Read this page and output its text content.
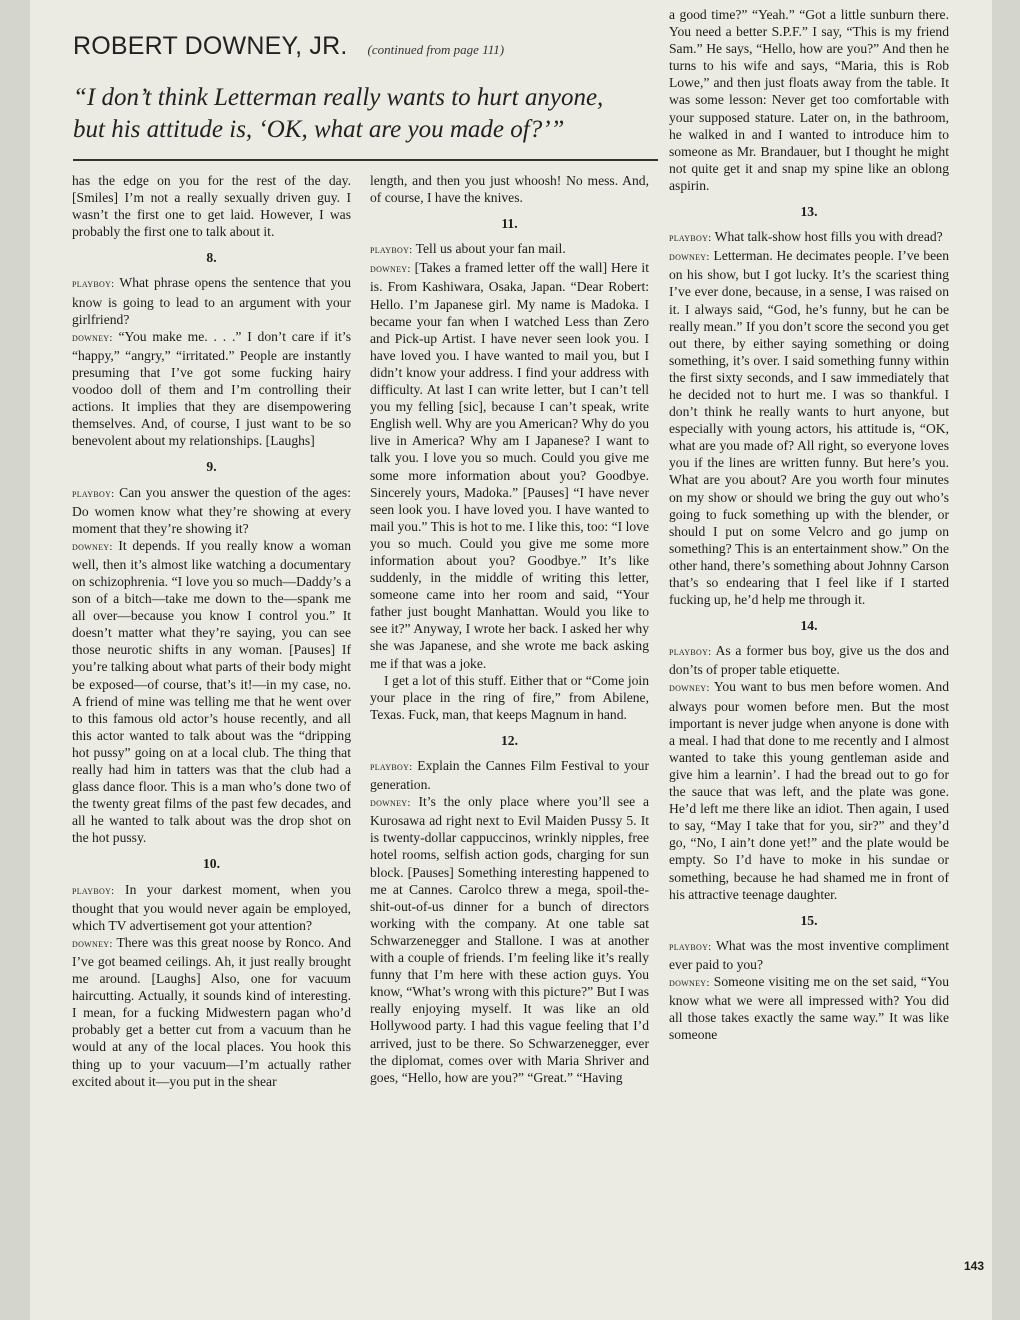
ROBERT DOWNEY, JR. (continued from page 111)
“I don’t think Letterman really wants to hurt anyone,
but his attitude is, ‘OK, what are you made of?’”

has the edge on you for the rest of the day. [Smiles] I’m not a really sexually driven guy. I wasn’t the first one to get laid. However, I was probably the first one to talk about it.

8.

playboy: What phrase opens the sentence that you know is going to lead to an argument with your girlfriend?

downey: “You make me. . . .” I don’t care if it’s “happy,” “angry,” “irritated.” People are instantly presuming that I’ve got some fucking hairy voodoo doll of them and I’m controlling their actions. It implies that they are disempowering themselves. And, of course, I just want to be so benevolent about my relationships. [Laughs]

9.

playboy: Can you answer the question of the ages: Do women know what they’re showing at every moment that they’re showing it?

downey: It depends. If you really know a woman well, then it’s almost like watching a documentary on schizophrenia. “I love you so much—Daddy’s a son of a bitch—take me down to the—spank me all over—because you know I control you.” It doesn’t matter what they’re saying, you can see those neurotic shifts in any woman. [Pauses] If you’re talking about what parts of their body might be exposed—of course, that’s it!—in my case, no. A friend of mine was telling me that he went over to this famous old actor’s house recently, and all this actor wanted to talk about was the “dripping hot pussy” going on at a local club. The thing that really had him in tatters was that the club had a glass dance floor. This is a man who’s done two of the twenty great films of the past few decades, and all he wanted to talk about was the drop shot on the hot pussy.

10.

playboy: In your darkest moment, when you thought that you would never again be employed, which TV advertisement got your attention?

downey: There was this great noose by Ronco. And I’ve got beamed ceilings. Ah, it just really brought me around. [Laughs] Also, one for vacuum haircutting. Actually, it sounds kind of interesting. I mean, for a fucking Midwestern pagan who’d probably get a better cut from a vacuum than he would at any of the local places. You hook this thing up to your vacuum—I’m actually rather excited about it—you put in the shear

length, and then you just whoosh! No mess. And, of course, I have the knives.

11.

playboy: Tell us about your fan mail.

downey: [Takes a framed letter off the wall] Here it is. From Kashiwara, Osaka, Japan. “Dear Robert: Hello. I’m Japanese girl. My name is Madoka. I became your fan when I watched Less than Zero and Pick-up Artist. I have never seen look you. I have loved you. I have wanted to mail you, but I didn’t know your address. I find your address with difficulty. At last I can write letter, but I can’t tell you my felling [sic], because I can’t speak, write English well. Why are you American? Why do you live in America? Why am I Japanese? I want to talk you. I love you so much. Could you give me some more information about you? Goodbye. Sincerely yours, Madoka.” [Pauses] “I have never seen look you. I have loved you. I have wanted to mail you.” This is hot to me. I like this, too: “I love you so much. Could you give me some more information about you? Goodbye.” It’s like suddenly, in the middle of writing this letter, someone came into her room and said, “Your father just bought Manhattan. Would you like to see it?” Anyway, I wrote her back. I asked her why she was Japanese, and she wrote me back asking me if that was a joke.

I get a lot of this stuff. Either that or “Come join your place in the ring of fire,” from Abilene, Texas. Fuck, man, that keeps Magnum in hand.

12.

playboy: Explain the Cannes Film Festival to your generation.

downey: It’s the only place where you’ll see a Kurosawa ad right next to Evil Maiden Pussy 5. It is twenty-dollar cappuccinos, wrinkly nipples, free hotel rooms, selfish action gods, charging for sun block. [Pauses] Something interesting happened to me at Cannes. Carolco threw a mega, spoil-the-shit-out-of-us dinner for a bunch of directors working with the company. At one table sat Schwarzenegger and Stallone. I was at another with a couple of friends. I’m feeling like it’s really funny that I’m here with these action guys. You know, “What’s wrong with this picture?” But I was really enjoying myself. It was like an old Hollywood party. I had this vague feeling that I’d arrived, just to be there. So Schwarzenegger, ever the diplomat, comes over with Maria Shriver and goes, “Hello, how are you?” “Great.” “Having

a good time?” “Yeah.” “Got a little sunburn there. You need a better S.P.F.” I say, “This is my friend Sam.” He says, “Hello, how are you?” And then he turns to his wife and says, “Maria, this is Rob Lowe,” and then just floats away from the table. It was some lesson: Never get too comfortable with your supposed stature. Later on, in the bathroom, he walked in and I wanted to introduce him to someone as Mr. Brandauer, but I thought he might not quite get it and snap my spine like an oblong aspirin.

13.

playboy: What talk-show host fills you with dread?

downey: Letterman. He decimates people. I’ve been on his show, but I got lucky. It’s the scariest thing I’ve ever done, because, in a sense, I was raised on it. I always said, “God, he’s funny, but he can be really mean.” If you don’t score the second you get out there, by either saying something or doing something, it’s over. I said something funny within the first sixty seconds, and I saw immediately that he decided not to hurt me. I was so thankful. I don’t think he really wants to hurt anyone, but especially with young actors, his attitude is, “OK, what are you made of? All right, so everyone loves you if the lines are written funny. But here’s you. What are you about? Are you worth four minutes on my show or should we bring the guy out who’s going to fuck something up with the blender, or should I put on some Velcro and go jump on something? This is an entertainment show.” On the other hand, there’s something about Johnny Carson that’s so endearing that I feel like if I started fucking up, he’d help me through it.

14.

playboy: As a former bus boy, give us the dos and don’ts of proper table etiquette.

downey: You want to bus men before women. And always pour women before men. But the most important is never judge when anyone is done with a meal. I had that done to me recently and I almost wanted to take this young gentleman aside and give him a learnin’. I had the bread out to go for the sauce that was left, and the plate was gone. He’d left me there like an idiot. Then again, I used to say, “May I take that for you, sir?” and they’d go, “No, I ain’t done yet!” and the plate would be empty. So I’d have to moke in his sundae or something, because he had shamed me in front of his attractive teenage daughter.

15.

playboy: What was the most inventive compliment ever paid to you?

downey: Someone visiting me on the set said, “You know what we were all impressed with? You did all those takes exactly the same way.” It was like someone

143
